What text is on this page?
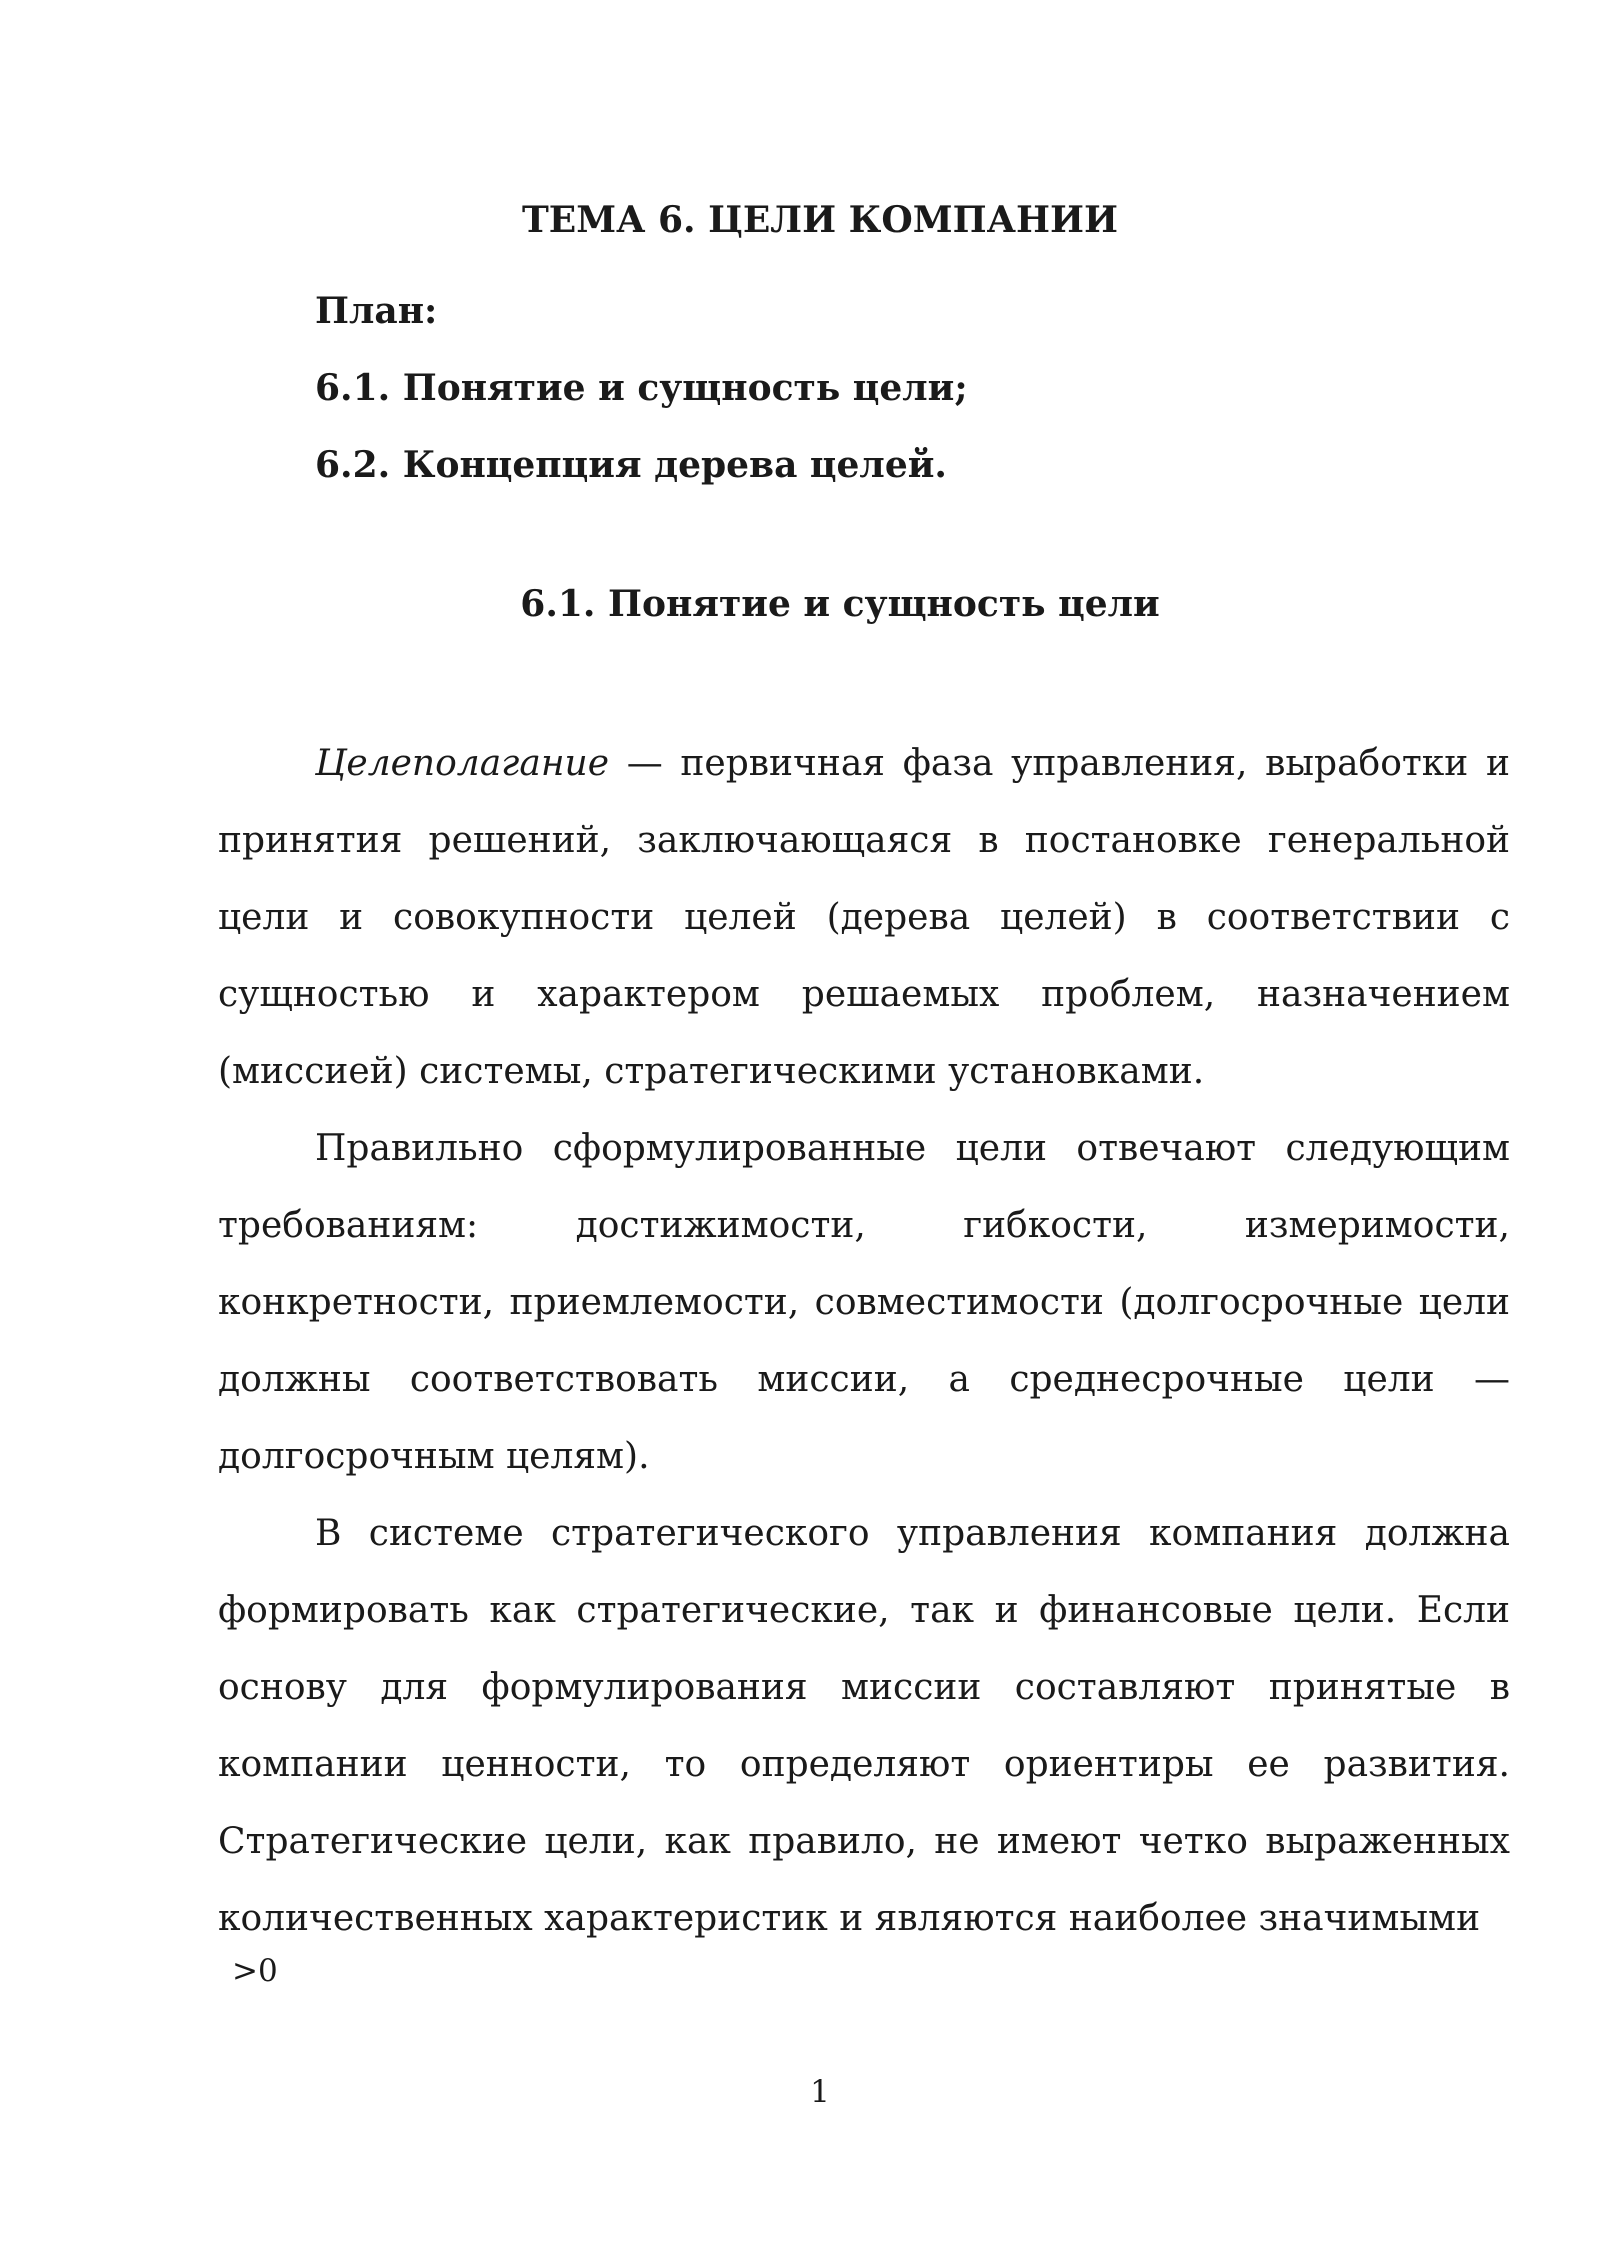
ТЕМА 6. ЦЕЛИ КОМПАНИИ
План:
6.1. Понятие и сущность цели;
6.2. Концепция дерева целей.
6.1. Понятие и сущность цели

Целеполагание — первичная фаза управления, выработки и принятия решений, заключающаяся в постановке генеральной цели и совокупности целей (дерева целей) в соответствии с сущностью и характером решаемых проблем, назначением (миссией) системы, стратегическими установками.

Правильно сформулированные цели отвечают следующим требованиям: достижимости, гибкости, измеримости, конкретности, приемлемости, совместимости (долгосрочные цели должны соответствовать миссии, а среднесрочные цели — долгосрочным целям).

В системе стратегического управления компания должна формировать как стратегические, так и финансовые цели. Если основу для формулирования миссии составляют принятые в компании ценности, то определяют ориентиры ее развития. Стратегические цели, как правило, не имеют четко выраженных количественных характеристик и являются наиболее значимыми

>0
1
